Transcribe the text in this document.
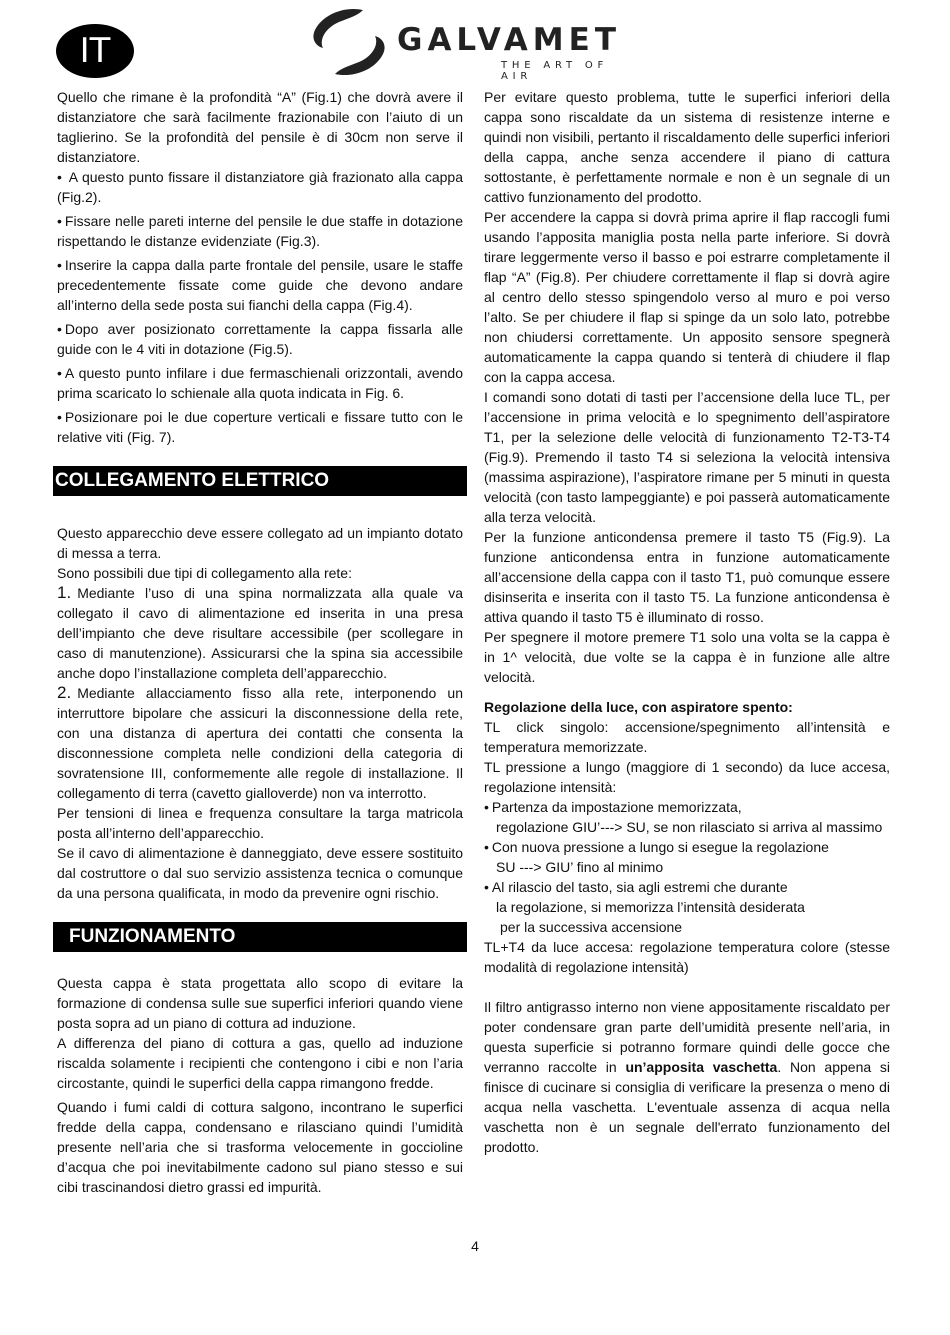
IT	GALVAMET
THE ART OF AIR

Quello che rimane è la profondità “A” (Fig.1) che dovrà avere il distanziatore che sarà facilmente frazionabile con l’aiuto di un taglierino. Se la profondità del pensile è di 30cm non serve il distanziatore.

• A questo punto fissare il distanziatore già frazionato alla cappa (Fig.2).

• Fissare nelle pareti interne del pensile le due staffe in dotazione rispettando le distanze evidenziate (Fig.3).

• Inserire la cappa dalla parte frontale del pensile, usare le staffe precedentemente fissate come guide che devono andare all’interno della sede posta sui fianchi della cappa (Fig.4).

• Dopo aver posizionato correttamente la cappa fissarla alle guide con le 4 viti in dotazione (Fig.5).

• A questo punto infilare i due fermaschienali orizzontali, avendo prima scaricato lo schienale alla quota indicata in Fig. 6.

• Posizionare poi le due coperture verticali e fissare tutto con le relative viti (Fig. 7).

COLLEGAMENTO ELETTRICO

Questo apparecchio deve essere collegato ad un impianto dotato di messa a terra.

Sono possibili due tipi di collegamento alla rete:

1. Mediante l’uso di una spina normalizzata alla quale va collegato il cavo di alimentazione ed inserita in una presa dell’impianto che deve risultare accessibile (per scollegare in caso di manutenzione). Assicurarsi che la spina sia accessibile anche dopo l’installazione completa dell’apparecchio.

2. Mediante allacciamento fisso alla rete, interponendo un interruttore bipolare che assicuri la disconnessione della rete, con una distanza di apertura dei contatti che consenta la disconnessione completa nelle condizioni della categoria di sovratensione III, conformemente alle regole di installazione. Il collegamento di terra (cavetto gialloverde) non va interrotto.

Per tensioni di linea e frequenza consultare la targa matricola posta all’interno dell’apparecchio.

Se il cavo di alimentazione è danneggiato, deve essere sostituito dal costruttore o dal suo servizio assistenza tecnica o comunque da una persona qualificata, in modo da prevenire ogni rischio.

FUNZIONAMENTO

Questa cappa è stata progettata allo scopo di evitare la formazione di condensa sulle sue superfici inferiori quando viene posta sopra ad un piano di cottura ad induzione.

A differenza del piano di cottura a gas, quello ad induzione riscalda solamente i recipienti che contengono i cibi e non l’aria circostante, quindi le superfici della cappa rimangono fredde.

Quando i fumi caldi di cottura salgono, incontrano le superfici fredde della cappa, condensano e rilasciano quindi l’umidità presente nell’aria che si trasforma velocemente in goccioline d’acqua che poi inevitabilmente cadono sul piano stesso e sui cibi trascinandosi dietro grassi ed impurità.

Per evitare questo problema, tutte le superfici inferiori della cappa sono riscaldate da un sistema di resistenze interne e quindi non visibili, pertanto il riscaldamento delle superfici inferiori della cappa, anche senza accendere il piano di cattura sottostante, è perfettamente normale e non è un segnale di un cattivo funzionamento del prodotto.

Per accendere la cappa si dovrà prima aprire il flap raccogli fumi usando l’apposita maniglia posta nella parte inferiore. Si dovrà tirare leggermente verso il basso e poi estrarre completamente il flap “A” (Fig.8). Per chiudere correttamente il flap si dovrà agire al centro dello stesso spingendolo verso al muro e poi verso l’alto. Se per chiudere il flap si spinge da un solo lato, potrebbe non chiudersi correttamente. Un apposito sensore spegnerà automaticamente la cappa quando si tenterà di chiudere il flap con la cappa accesa.

I comandi sono dotati di tasti per l’accensione della luce TL, per l’accensione in prima velocità e lo spegnimento dell’aspiratore T1, per la selezione delle velocità di funzionamento T2-T3-T4 (Fig.9). Premendo il tasto T4 si seleziona la velocità intensiva (massima aspirazione), l’aspiratore rimane per 5 minuti in questa velocità (con tasto lampeggiante) e poi passerà automaticamente alla terza velocità.

Per la funzione anticondensa premere il tasto T5 (Fig.9). La funzione anticondensa entra in funzione automaticamente all’accensione della cappa con il tasto T1, può comunque essere disinserita e inserita con il tasto T5. La funzione anticondensa è attiva quando il tasto T5 è illuminato di rosso.

Per spegnere il motore premere T1 solo una volta se la cappa è in 1^ velocità, due volte se la cappa è in funzione alle altre velocità.

Regolazione della luce, con aspiratore spento:

TL click singolo: accensione/spegnimento all’intensità e temperatura memorizzate.

TL pressione a lungo (maggiore di 1 secondo) da luce accesa, regolazione intensità:

• Partenza da impostazione memorizzata,

regolazione GIU’---> SU, se non rilasciato si arriva al massimo

• Con nuova pressione a lungo si esegue la regolazione

SU ---> GIU’ fino al minimo

• Al rilascio del tasto, sia agli estremi che durante

la regolazione, si memorizza l’intensità desiderata

per la successiva accensione

TL+T4 da luce accesa: regolazione temperatura colore (stesse modalità di regolazione intensità)

Il filtro antigrasso interno non viene appositamente riscaldato per poter condensare gran parte dell’umidità presente nell’aria, in questa superficie si potranno formare quindi delle gocce che verranno raccolte in un’apposita vaschetta. Non appena si finisce di cucinare si consiglia di verificare la presenza o meno di acqua nella vaschetta. L'eventuale assenza di acqua nella vaschetta non è un segnale dell'errato funzionamento del prodotto.

4
